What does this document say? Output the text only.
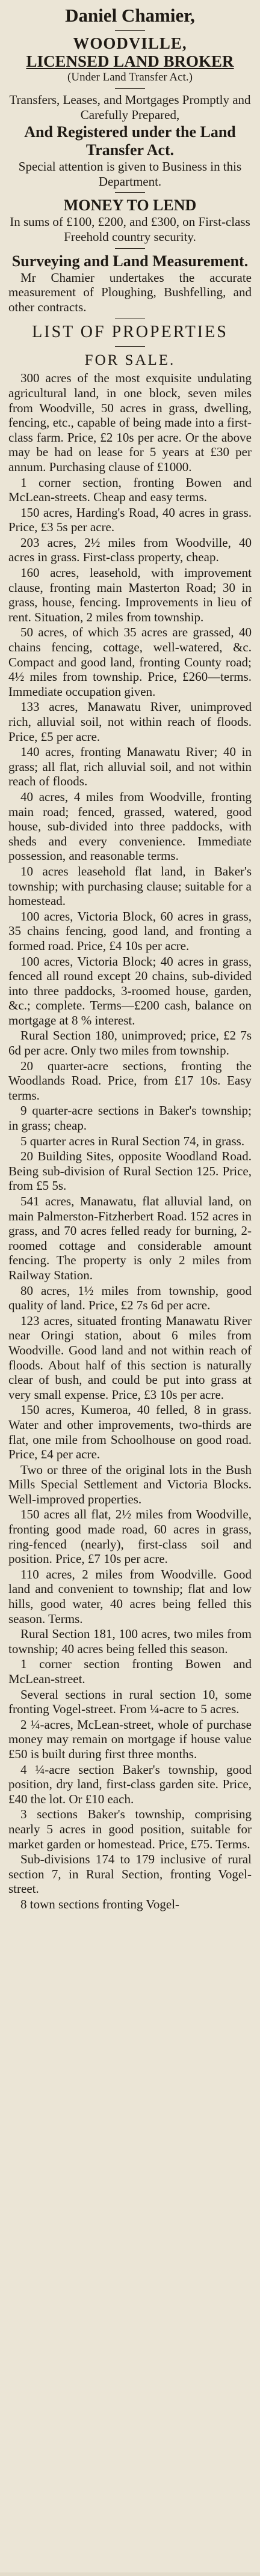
Daniel Chamier,
WOODVILLE,
LICENSED LAND BROKER
(Under Land Transfer Act.)

Transfers, Leases, and Mortgages Promptly and Carefully Prepared,

And Registered under the Land Transfer Act.

Special attention is given to Business in this Department.

MONEY TO LEND

In sums of £100, £200, and £300, on First-class Freehold country security.

Surveying and Land Measurement.

Mr Chamier undertakes the accurate measurement of Ploughing, Bushfelling, and other contracts.

LIST OF PROPERTIES
FOR SALE.

300 acres of the most exquisite undulating agricultural land, in one block, seven miles from Woodville, 50 acres in grass, dwelling, fencing, etc., capable of being made into a first-class farm. Price, £2 10s per acre. Or the above may be had on lease for 5 years at £30 per annum. Purchasing clause of £1000.

1 corner section, fronting Bowen and McLean-streets. Cheap and easy terms.

150 acres, Harding's Road, 40 acres in grass. Price, £3 5s per acre.

203 acres, 2½ miles from Woodville, 40 acres in grass. First-class property, cheap.

160 acres, leasehold, with improvement clause, fronting main Masterton Road; 30 in grass, house, fencing. Improvements in lieu of rent. Situation, 2 miles from township.

50 acres, of which 35 acres are grassed, 40 chains fencing, cottage, well-watered, &c. Compact and good land, fronting County road; 4½ miles from township. Price, £260—terms. Immediate occupation given.

133 acres, Manawatu River, unimproved rich, alluvial soil, not within reach of floods. Price, £5 per acre.

140 acres, fronting Manawatu River; 40 in grass; all flat, rich alluvial soil, and not within reach of floods.

40 acres, 4 miles from Woodville, fronting main road; fenced, grassed, watered, good house, sub-divided into three paddocks, with sheds and every convenience. Immediate possession, and reasonable terms.

10 acres leasehold flat land, in Baker's township; with purchasing clause; suitable for a homestead.

100 acres, Victoria Block, 60 acres in grass, 35 chains fencing, good land, and fronting a formed road. Price, £4 10s per acre.

100 acres, Victoria Block; 40 acres in grass, fenced all round except 20 chains, sub-divided into three paddocks, 3-roomed house, garden, &c.; complete. Terms—£200 cash, balance on mortgage at 8 % interest.

Rural Section 180, unimproved; price, £2 7s 6d per acre. Only two miles from township.

20 quarter-acre sections, fronting the Woodlands Road. Price, from £17 10s. Easy terms.

9 quarter-acre sections in Baker's township; in grass; cheap.

5 quarter acres in Rural Section 74, in grass.

20 Building Sites, opposite Woodland Road. Being sub-division of Rural Section 125. Price, from £5 5s.

541 acres, Manawatu, flat alluvial land, on main Palmerston-Fitzherbert Road. 152 acres in grass, and 70 acres felled ready for burning, 2-roomed cottage and considerable amount fencing. The property is only 2 miles from Railway Station.

80 acres, 1½ miles from township, good quality of land. Price, £2 7s 6d per acre.

123 acres, situated fronting Manawatu River near Oringi station, about 6 miles from Woodville. Good land and not within reach of floods. About half of this section is naturally clear of bush, and could be put into grass at very small expense. Price, £3 10s per acre.

150 acres, Kumeroa, 40 felled, 8 in grass. Water and other improvements, two-thirds are flat, one mile from Schoolhouse on good road. Price, £4 per acre.

Two or three of the original lots in the Bush Mills Special Settlement and Victoria Blocks. Well-improved properties.

150 acres all flat, 2½ miles from Woodville, fronting good made road, 60 acres in grass, ring-fenced (nearly), first-class soil and position. Price, £7 10s per acre.

110 acres, 2 miles from Woodville. Good land and convenient to township; flat and low hills, good water, 40 acres being felled this season. Terms.

Rural Section 181, 100 acres, two miles from township; 40 acres being felled this season.

1 corner section fronting Bowen and McLean-street.

Several sections in rural section 10, some fronting Vogel-street. From ¼-acre to 5 acres.

2 ¼-acres, McLean-street, whole of purchase money may remain on mortgage if house value £50 is built during first three months.

4 ¼-acre section Baker's township, good position, dry land, first-class garden site. Price, £40 the lot. Or £10 each.

3 sections Baker's township, comprising nearly 5 acres in good position, suitable for market garden or homestead. Price, £75. Terms.

Sub-divisions 174 to 179 inclusive of rural section 7, in Rural Section, fronting Vogel-street.

8 town sections fronting Vogel-
